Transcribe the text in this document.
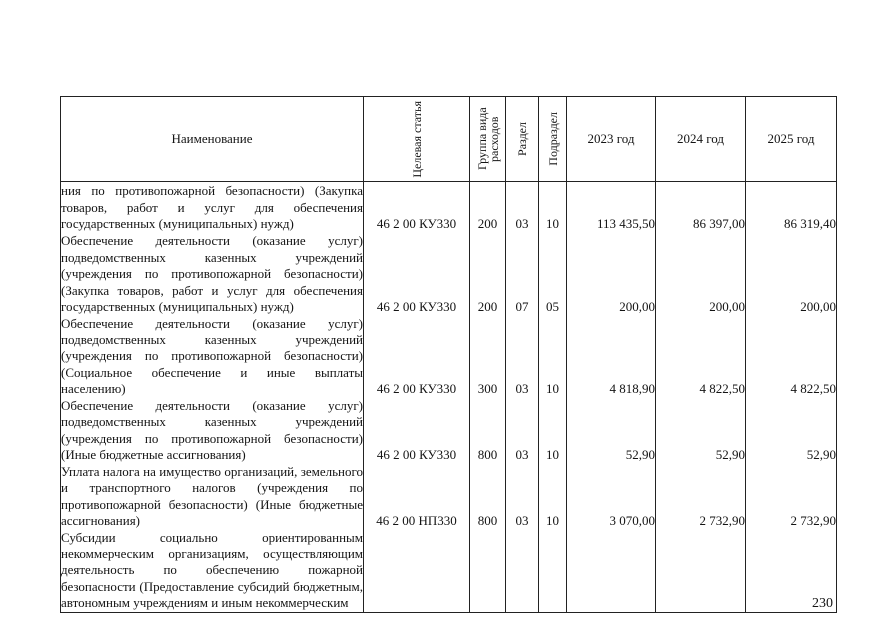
Наименование	Целевая статья	Группа вида расходов	Раздел	Подраздел	2023 год	2024 год	2025 год
ния по противопожарной безопасности) (Закупка товаров, работ и услуг для обеспечения государственных (муниципальных) нужд)	46 2 00 КУ330	200	03	10	113 435,50	86 397,00	86 319,40
Обеспечение деятельности (оказание услуг) подведомственных казенных учреждений (учреждения по противопожарной безопасности) (Закупка товаров, работ и услуг для обеспечения государственных (муниципальных) нужд)	46 2 00 КУ330	200	07	05	200,00	200,00	200,00
Обеспечение деятельности (оказание услуг) подведомственных казенных учреждений (учреждения по противопожарной безопасности) (Социальное обеспечение и иные выплаты населению)	46 2 00 КУ330	300	03	10	4 818,90	4 822,50	4 822,50
Обеспечение деятельности (оказание услуг) подведомственных казенных учреждений (учреждения по противопожарной безопасности) (Иные бюджетные ассигнования)	46 2 00 КУ330	800	03	10	52,90	52,90	52,90
Уплата налога на имущество организаций, земельного и транспортного налогов (учреждения по противопожарной безопасности) (Иные бюджетные ассигнования)	46 2 00 НП330	800	03	10	3 070,00	2 732,90	2 732,90
Субсидии социально ориентированным некоммерческим организациям, осуществляющим деятельность по обеспечению пожарной безопасности (Предоставление субсидий бюджетным, автономным учреждениям и иным некоммерческим								230
